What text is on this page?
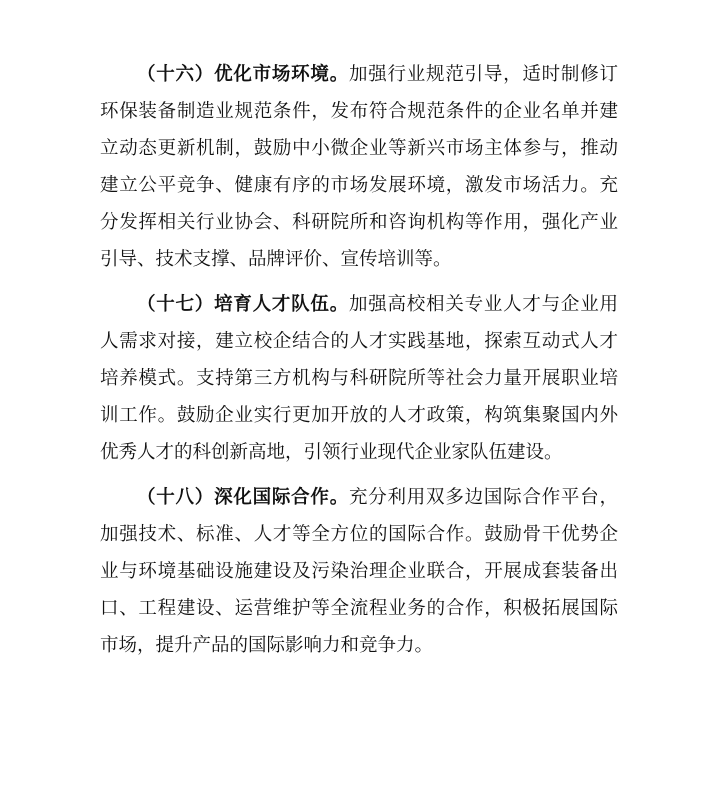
（十六）优化市场环境。加强行业规范引导，适时制修订
环保装备制造业规范条件，发布符合规范条件的企业名单并建
立动态更新机制，鼓励中小微企业等新兴市场主体参与，推动
建立公平竞争、健康有序的市场发展环境，激发市场活力。充
分发挥相关行业协会、科研院所和咨询机构等作用，强化产业
引导、技术支撑、品牌评价、宣传培训等。
（十七）培育人才队伍。加强高校相关专业人才与企业用
人需求对接，建立校企结合的人才实践基地，探索互动式人才
培养模式。支持第三方机构与科研院所等社会力量开展职业培
训工作。鼓励企业实行更加开放的人才政策，构筑集聚国内外
优秀人才的科创新高地，引领行业现代企业家队伍建设。
（十八）深化国际合作。充分利用双多边国际合作平台，
加强技术、标准、人才等全方位的国际合作。鼓励骨干优势企
业与环境基础设施建设及污染治理企业联合，开展成套装备出
口、工程建设、运营维护等全流程业务的合作，积极拓展国际
市场，提升产品的国际影响力和竞争力。
